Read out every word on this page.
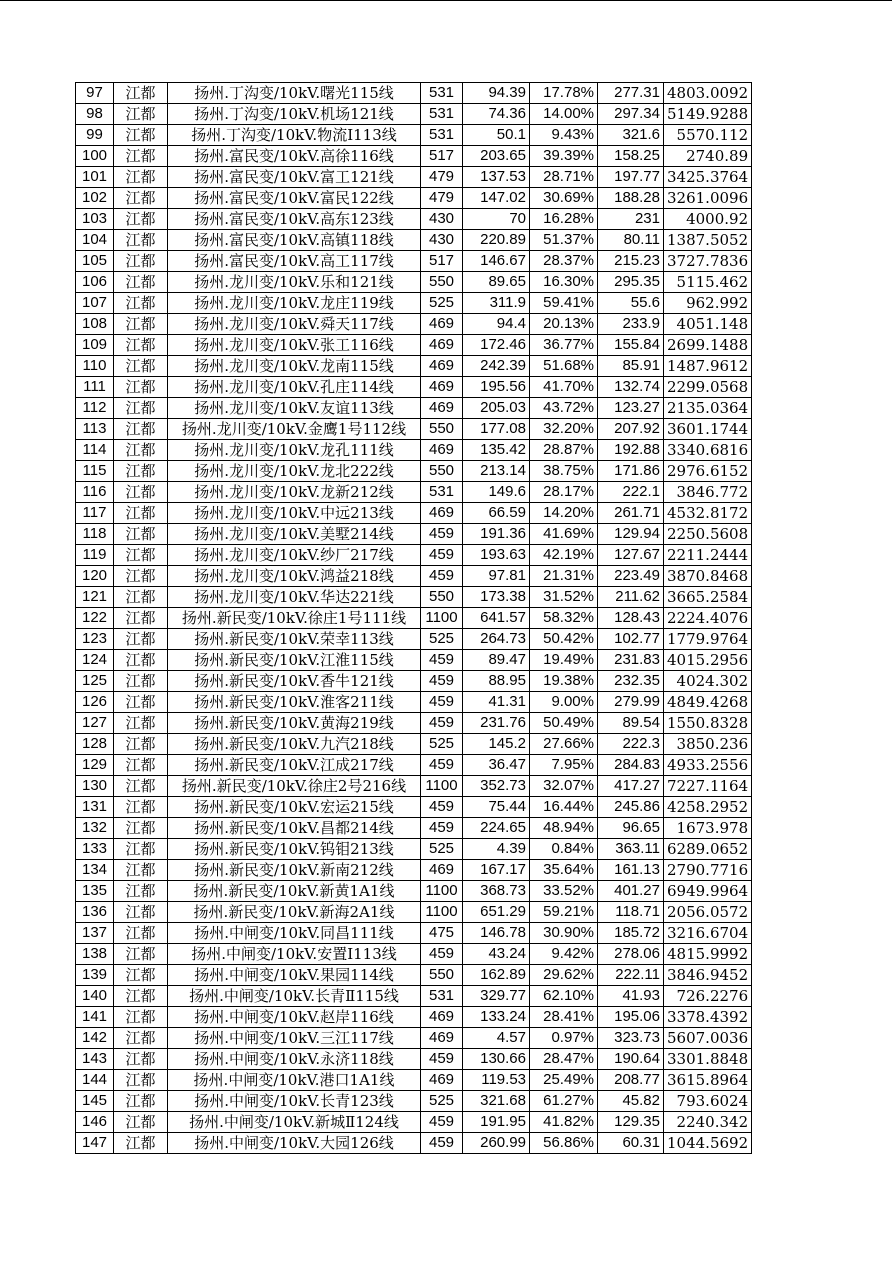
97	江都	扬州.丁沟变/10kV.曙光115线	531	94.39	17.78%	277.31	4803.0092
98	江都	扬州.丁沟变/10kV.机场121线	531	74.36	14.00%	297.34	5149.9288
99	江都	扬州.丁沟变/10kV.物流Ⅰ113线	531	50.1	9.43%	321.6	5570.112
100	江都	扬州.富民变/10kV.高徐116线	517	203.65	39.39%	158.25	2740.89
101	江都	扬州.富民变/10kV.富工121线	479	137.53	28.71%	197.77	3425.3764
102	江都	扬州.富民变/10kV.富民122线	479	147.02	30.69%	188.28	3261.0096
103	江都	扬州.富民变/10kV.高东123线	430	70	16.28%	231	4000.92
104	江都	扬州.富民变/10kV.高镇118线	430	220.89	51.37%	80.11	1387.5052
105	江都	扬州.富民变/10kV.高工117线	517	146.67	28.37%	215.23	3727.7836
106	江都	扬州.龙川变/10kV.乐和121线	550	89.65	16.30%	295.35	5115.462
107	江都	扬州.龙川变/10kV.龙庄119线	525	311.9	59.41%	55.6	962.992
108	江都	扬州.龙川变/10kV.舜天117线	469	94.4	20.13%	233.9	4051.148
109	江都	扬州.龙川变/10kV.张工116线	469	172.46	36.77%	155.84	2699.1488
110	江都	扬州.龙川变/10kV.龙南115线	469	242.39	51.68%	85.91	1487.9612
111	江都	扬州.龙川变/10kV.孔庄114线	469	195.56	41.70%	132.74	2299.0568
112	江都	扬州.龙川变/10kV.友谊113线	469	205.03	43.72%	123.27	2135.0364
113	江都	扬州.龙川变/10kV.金鹰1号112线	550	177.08	32.20%	207.92	3601.1744
114	江都	扬州.龙川变/10kV.龙孔111线	469	135.42	28.87%	192.88	3340.6816
115	江都	扬州.龙川变/10kV.龙北222线	550	213.14	38.75%	171.86	2976.6152
116	江都	扬州.龙川变/10kV.龙新212线	531	149.6	28.17%	222.1	3846.772
117	江都	扬州.龙川变/10kV.中远213线	469	66.59	14.20%	261.71	4532.8172
118	江都	扬州.龙川变/10kV.美墅214线	459	191.36	41.69%	129.94	2250.5608
119	江都	扬州.龙川变/10kV.纱厂217线	459	193.63	42.19%	127.67	2211.2444
120	江都	扬州.龙川变/10kV.鸿益218线	459	97.81	21.31%	223.49	3870.8468
121	江都	扬州.龙川变/10kV.华达221线	550	173.38	31.52%	211.62	3665.2584
122	江都	扬州.新民变/10kV.徐庄1号111线	1100	641.57	58.32%	128.43	2224.4076
123	江都	扬州.新民变/10kV.荣幸113线	525	264.73	50.42%	102.77	1779.9764
124	江都	扬州.新民变/10kV.江淮115线	459	89.47	19.49%	231.83	4015.2956
125	江都	扬州.新民变/10kV.香牛121线	459	88.95	19.38%	232.35	4024.302
126	江都	扬州.新民变/10kV.淮客211线	459	41.31	9.00%	279.99	4849.4268
127	江都	扬州.新民变/10kV.黄海219线	459	231.76	50.49%	89.54	1550.8328
128	江都	扬州.新民变/10kV.九汽218线	525	145.2	27.66%	222.3	3850.236
129	江都	扬州.新民变/10kV.江成217线	459	36.47	7.95%	284.83	4933.2556
130	江都	扬州.新民变/10kV.徐庄2号216线	1100	352.73	32.07%	417.27	7227.1164
131	江都	扬州.新民变/10kV.宏运215线	459	75.44	16.44%	245.86	4258.2952
132	江都	扬州.新民变/10kV.昌都214线	459	224.65	48.94%	96.65	1673.978
133	江都	扬州.新民变/10kV.钨钼213线	525	4.39	0.84%	363.11	6289.0652
134	江都	扬州.新民变/10kV.新南212线	469	167.17	35.64%	161.13	2790.7716
135	江都	扬州.新民变/10kV.新黄1A1线	1100	368.73	33.52%	401.27	6949.9964
136	江都	扬州.新民变/10kV.新海2A1线	1100	651.29	59.21%	118.71	2056.0572
137	江都	扬州.中闸变/10kV.同昌111线	475	146.78	30.90%	185.72	3216.6704
138	江都	扬州.中闸变/10kV.安置Ⅰ113线	459	43.24	9.42%	278.06	4815.9992
139	江都	扬州.中闸变/10kV.果园114线	550	162.89	29.62%	222.11	3846.9452
140	江都	扬州.中闸变/10kV.长青Ⅱ115线	531	329.77	62.10%	41.93	726.2276
141	江都	扬州.中闸变/10kV.赵岸116线	469	133.24	28.41%	195.06	3378.4392
142	江都	扬州.中闸变/10kV.三江117线	469	4.57	0.97%	323.73	5607.0036
143	江都	扬州.中闸变/10kV.永济118线	459	130.66	28.47%	190.64	3301.8848
144	江都	扬州.中闸变/10kV.港口1A1线	469	119.53	25.49%	208.77	3615.8964
145	江都	扬州.中闸变/10kV.长青123线	525	321.68	61.27%	45.82	793.6024
146	江都	扬州.中闸变/10kV.新城Ⅱ124线	459	191.95	41.82%	129.35	2240.342
147	江都	扬州.中闸变/10kV.大园126线	459	260.99	56.86%	60.31	1044.5692
